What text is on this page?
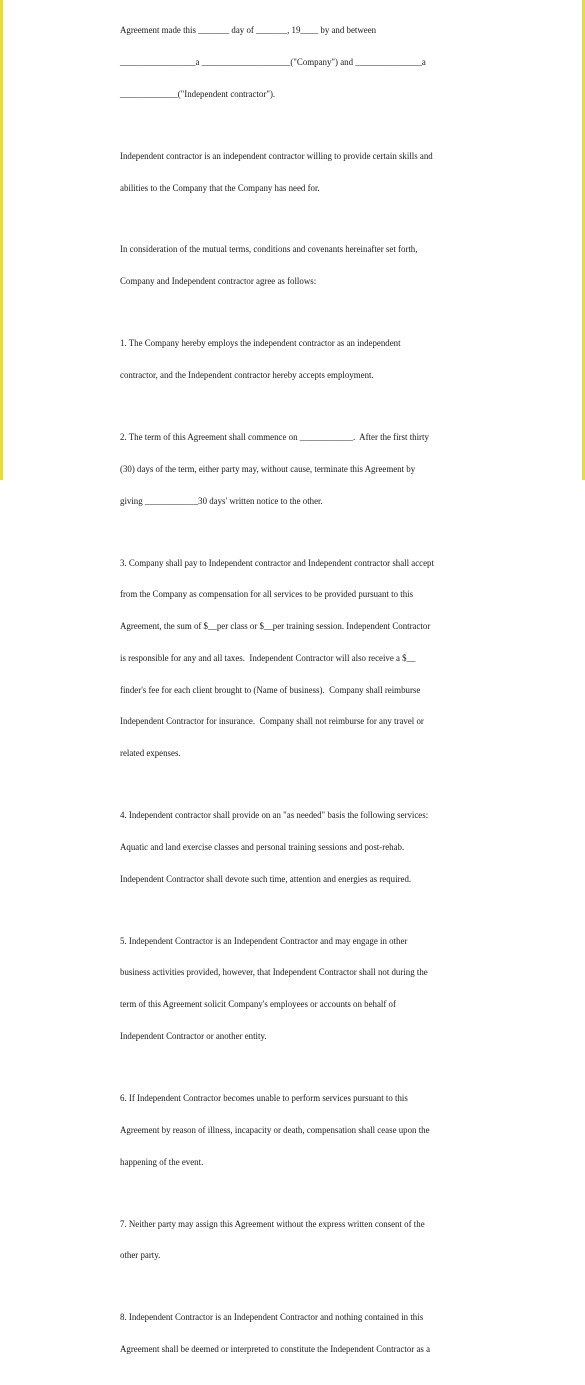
Agreement made this _______ day of _______, 19____ by and between

_________________a ____________________("Company") and _______________a

_____________("Independent contractor").

Independent contractor is an independent contractor willing to provide certain skills and

abilities to the Company that the Company has need for.

In consideration of the mutual terms, conditions and covenants hereinafter set forth,

Company and Independent contractor agree as follows:

1. The Company hereby employs the independent contractor as an independent

contractor, and the Independent contractor hereby accepts employment.

2. The term of this Agreement shall commence on ____________.  After the first thirty

(30) days of the term, either party may, without cause, terminate this Agreement by

giving ____________30 days' written notice to the other.

3. Company shall pay to Independent contractor and Independent contractor shall accept

from the Company as compensation for all services to be provided pursuant to this

Agreement, the sum of $__per class or $__per training session. Independent Contractor

is responsible for any and all taxes.  Independent Contractor will also receive a $__

finder's fee for each client brought to (Name of business).  Company shall reimburse

Independent Contractor for insurance.  Company shall not reimburse for any travel or

related expenses.

4. Independent contractor shall provide on an "as needed" basis the following services:

Aquatic and land exercise classes and personal training sessions and post-rehab.

Independent Contractor shall devote such time, attention and energies as required.

5. Independent Contractor is an Independent Contractor and may engage in other

business activities provided, however, that Independent Contractor shall not during the

term of this Agreement solicit Company's employees or accounts on behalf of

Independent Contractor or another entity.

6. If Independent Contractor becomes unable to perform services pursuant to this

Agreement by reason of illness, incapacity or death, compensation shall cease upon the

happening of the event.

7. Neither party may assign this Agreement without the express written consent of the

other party.

8. Independent Contractor is an Independent Contractor and nothing contained in this

Agreement shall be deemed or interpreted to constitute the Independent Contractor as a
